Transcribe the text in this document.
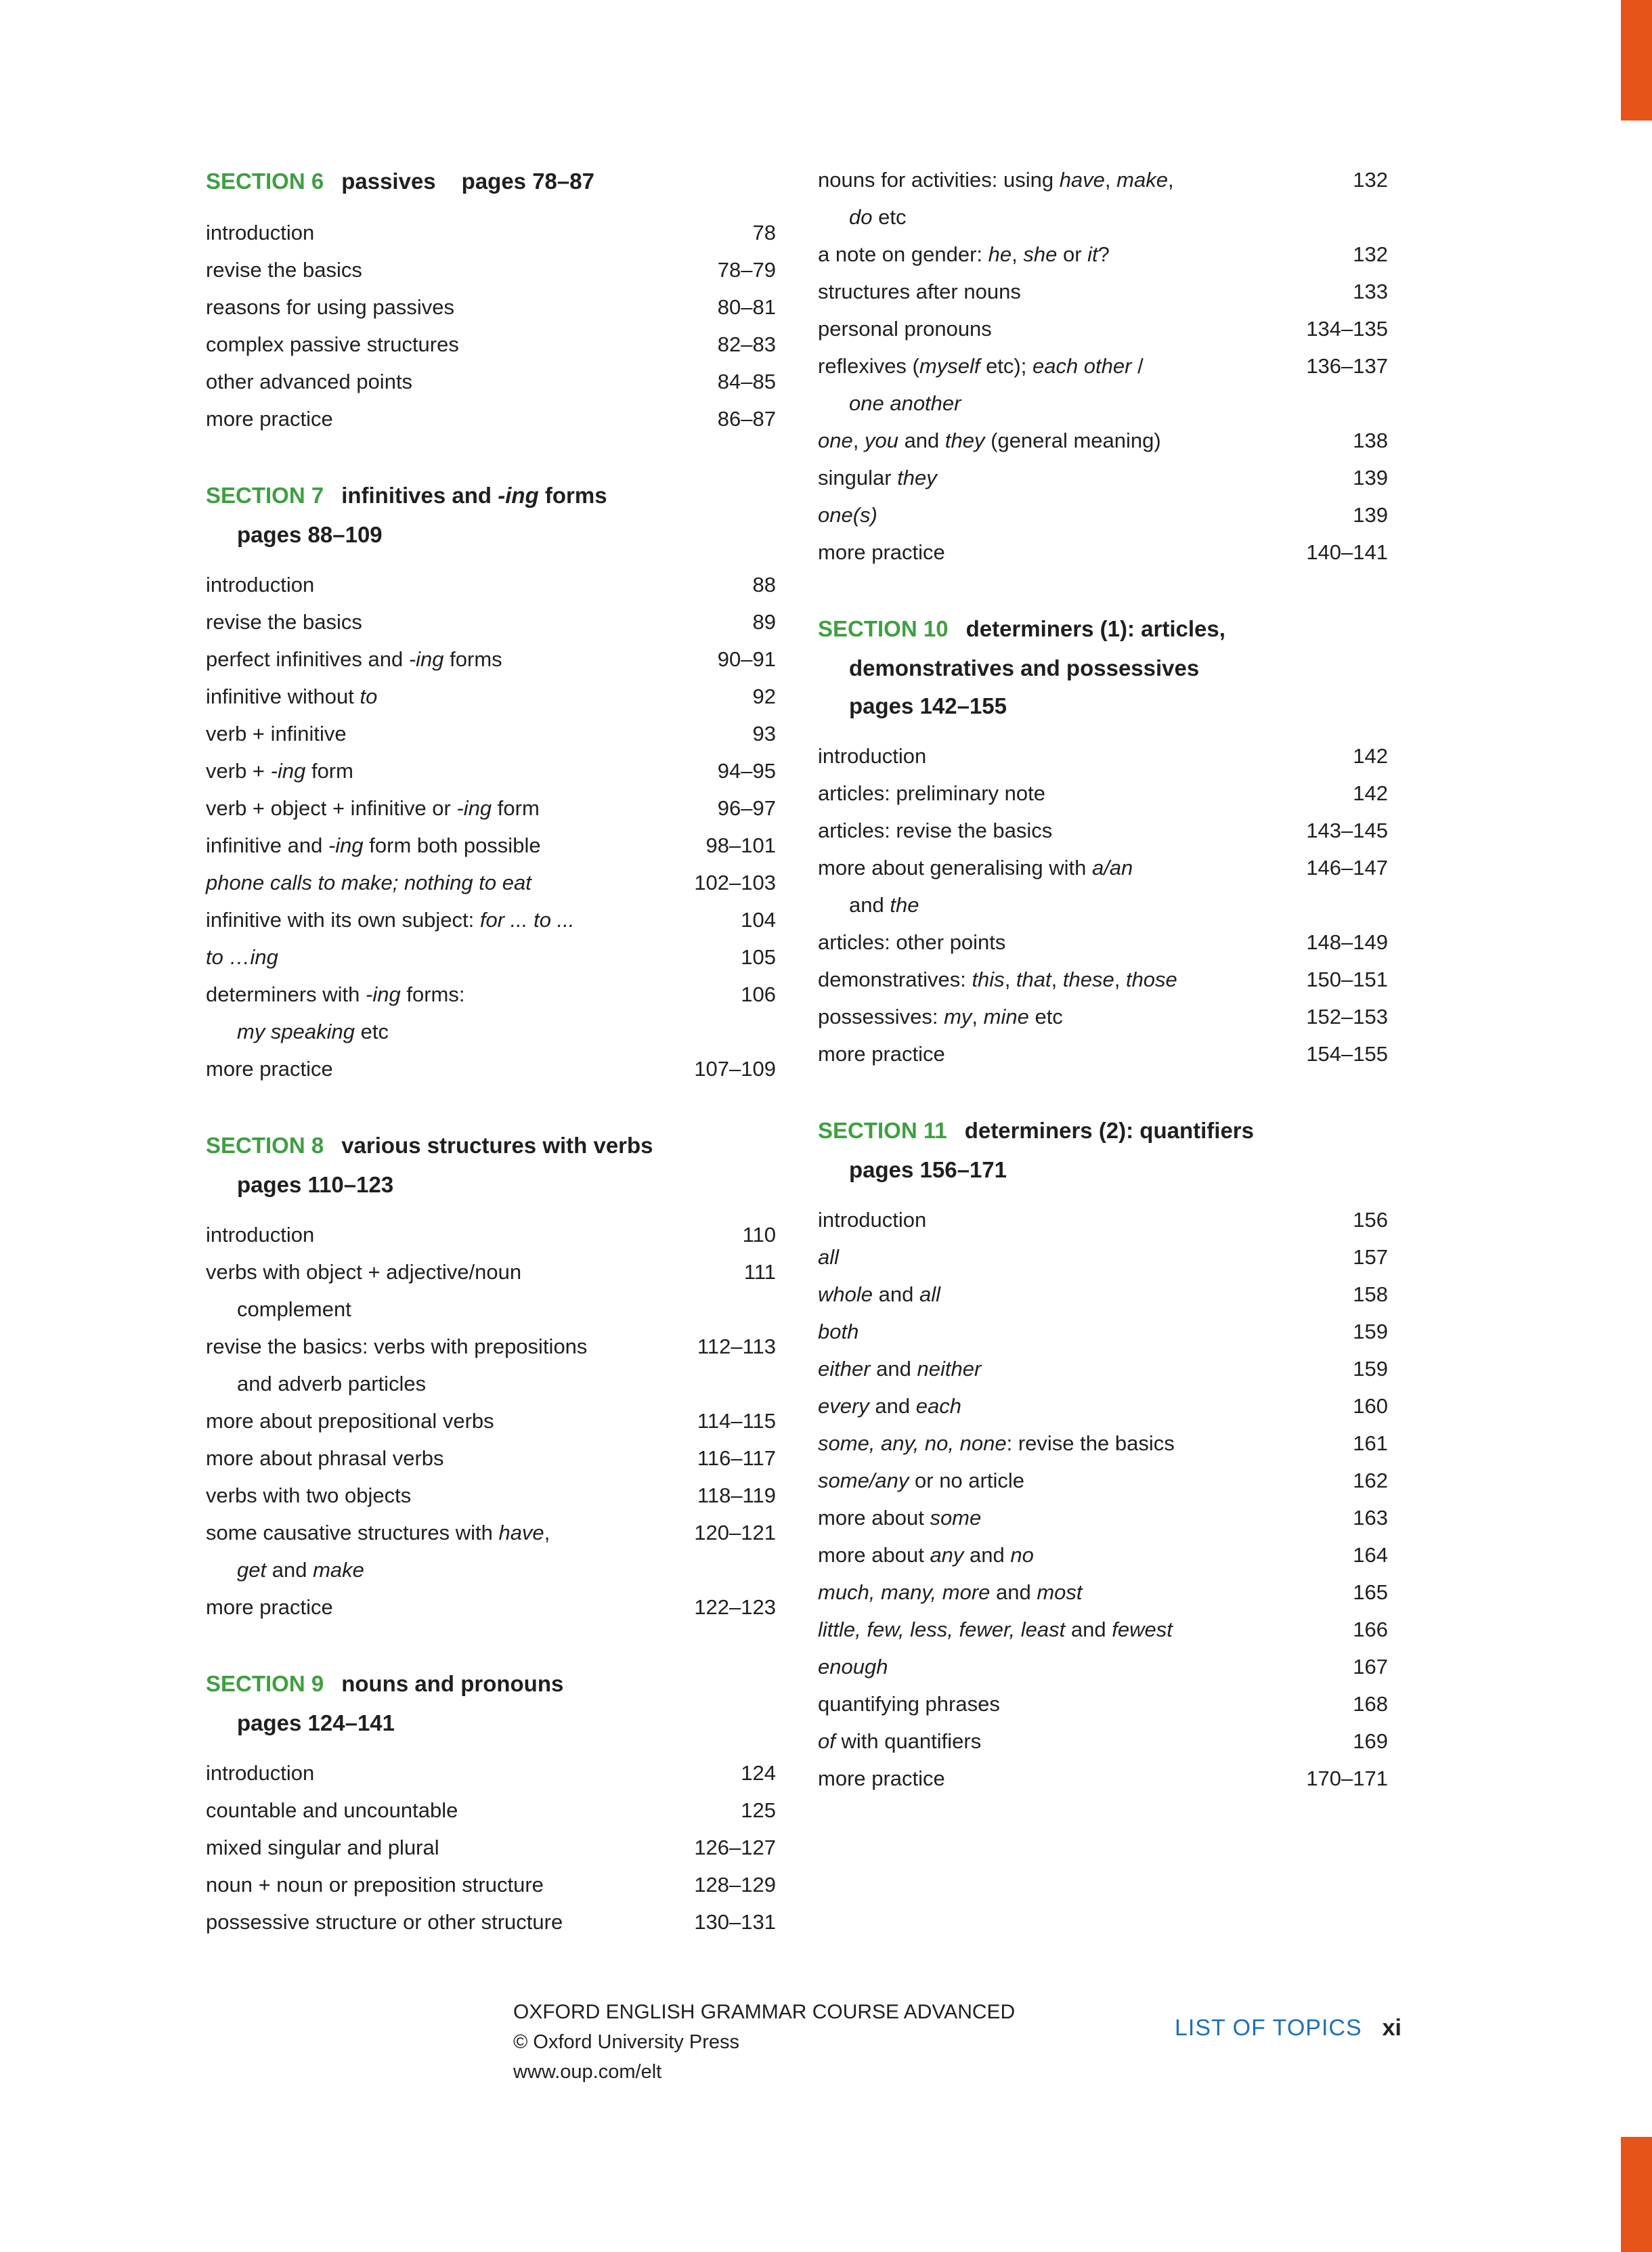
SECTION 6 passives pages 78–87
introduction	78
revise the basics	78–79
reasons for using passives	80–81
complex passive structures	82–83
other advanced points	84–85
more practice	86–87
SECTION 7 infinitives and -ing forms
pages 88–109
introduction	88
revise the basics	89
perfect infinitives and -ing forms	90–91
infinitive without to	92
verb + infinitive	93
verb + -ing form	94–95
verb + object + infinitive or -ing form	96–97
infinitive and -ing form both possible	98–101
phone calls to make; nothing to eat	102–103
infinitive with its own subject: for ... to ...	104
to …ing	105
determiners with -ing forms:	106
my speaking etc
more practice	107–109
SECTION 8 various structures with verbs
pages 110–123
introduction	110
verbs with object + adjective/noun	111
complement
revise the basics: verbs with prepositions	112–113
and adverb particles
more about prepositional verbs	114–115
more about phrasal verbs	116–117
verbs with two objects	118–119
some causative structures with have,	120–121
get and make
more practice	122–123
SECTION 9 nouns and pronouns
pages 124–141
introduction	124
countable and uncountable	125
mixed singular and plural	126–127
noun + noun or preposition structure	128–129
possessive structure or other structure	130–131
nouns for activities: using have, make,	132
do etc
a note on gender: he, she or it?	132
structures after nouns	133
personal pronouns	134–135
reflexives (myself etc); each other /	136–137
one another
one, you and they (general meaning)	138
singular they	139
one(s)	139
more practice	140–141
SECTION 10 determiners (1): articles,
demonstratives and possessives
pages 142–155
introduction	142
articles: preliminary note	142
articles: revise the basics	143–145
more about generalising with a/an	146–147
and the
articles: other points	148–149
demonstratives: this, that, these, those	150–151
possessives: my, mine etc	152–153
more practice	154–155
SECTION 11 determiners (2): quantifiers
pages 156–171
introduction	156
all	157
whole and all	158
both	159
either and neither	159
every and each	160
some, any, no, none: revise the basics	161
some/any or no article	162
more about some	163
more about any and no	164
much, many, more and most	165
little, few, less, fewer, least and fewest	166
enough	167
quantifying phrases	168
of with quantifiers	169
more practice	170–171
OXFORD ENGLISH GRAMMAR COURSE ADVANCED
© Oxford University Press
www.oup.com/elt
LIST OF TOPICS xi
